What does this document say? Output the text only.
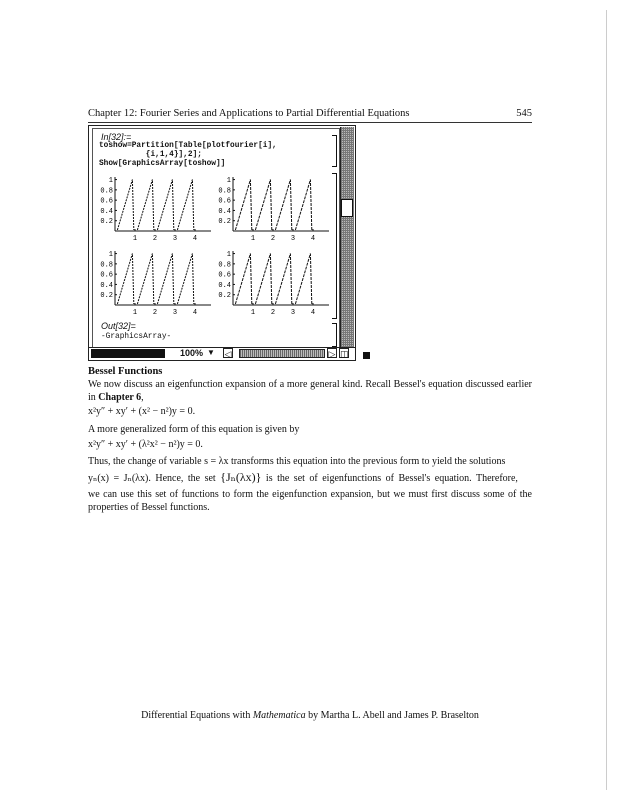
Chapter 12: Fourier Series and Applications to Partial Differential Equations	545
In[32]:=
toshow=Partition[Table[plotfourier[i],
{i,1,4}],2];
Show[GraphicsArray[toshow]]
1
0.8
0.6
0.4
0.2
1 2 3 4
1
0.8
0.6
0.4
0.2
1 2 3 4
1
0.8
0.6
0.4
0.2
1 2 3 4
1
0.8
0.6
0.4
0.2
1 2 3 4
Out[32]=
-GraphicsArray-
100% ▼ ◁	▷ ◫
Bessel Functions
We now discuss an eigenfunction expansion of a more general kind. Recall Bessel's equation discussed earlier in Chapter 6,
x²y″ + xy′ + (x² − n²)y = 0.
A more generalized form of this equation is given by
x²y″ + xy′ + (λ²x² − n²)y = 0.
Thus, the change of variable s = λx transforms this equation into the previous form to yield the solutions
yₙ(x) = Jₙ(λx). Hence, the set {Jₙ(λx)} is the set of eigenfunctions of Bessel's equation. Therefore,
we can use this set of functions to form the eigenfunction expansion, but we must first discuss some of the properties of Bessel functions.
Differential Equations with Mathematica by Martha L. Abell and James P. Braselton
